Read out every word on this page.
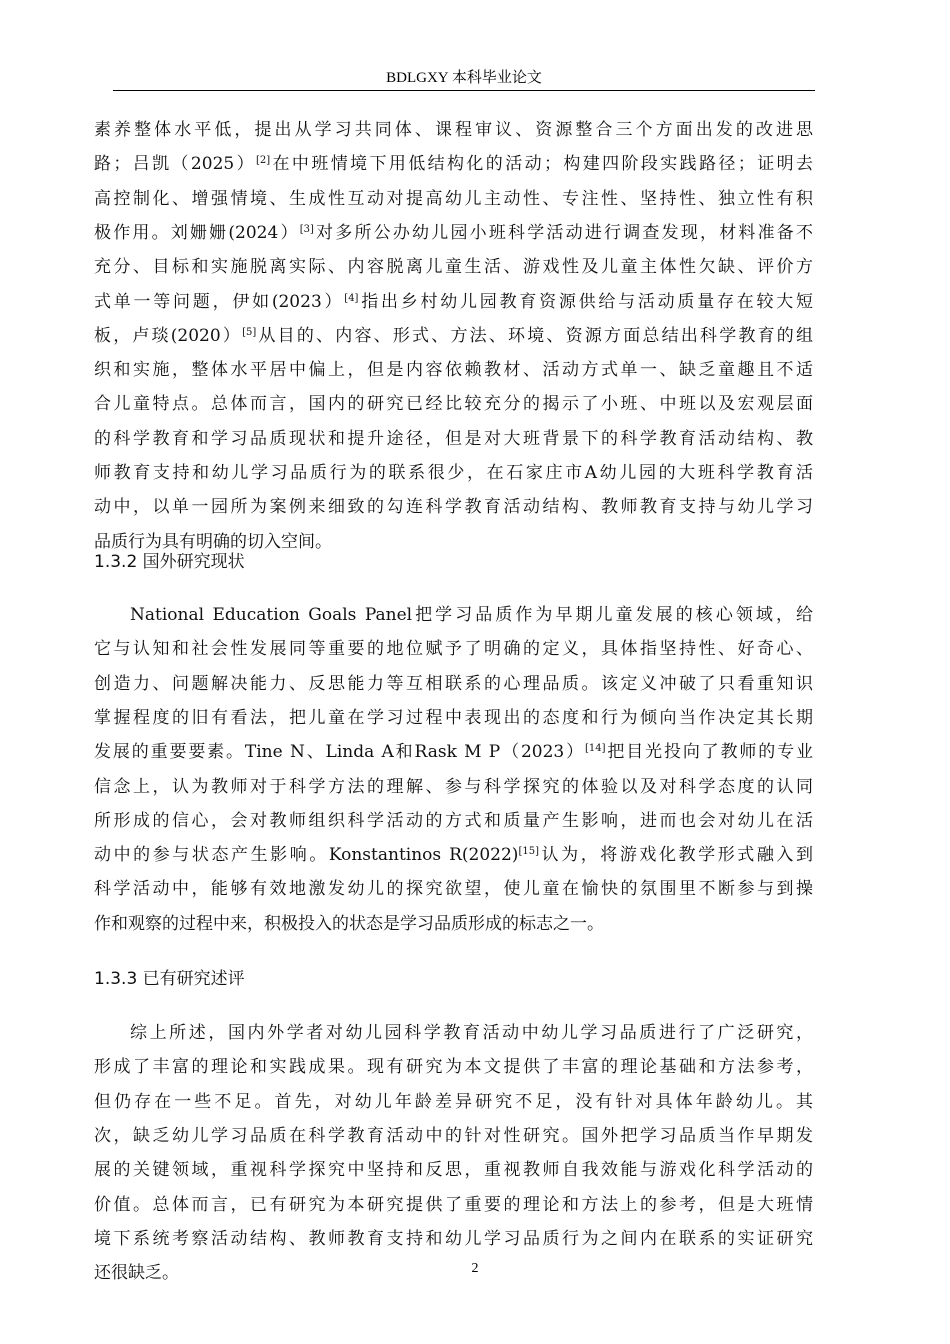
BDLGXY 本科毕业论文
素养整体水平低，提出从学习共同体、课程审议、资源整合三个方面出发的改进思
路；吕凯（2025）[2]在中班情境下用低结构化的活动；构建四阶段实践路径；证明去
高控制化、增强情境、生成性互动对提高幼儿主动性、专注性、坚持性、独立性有积
极作用。刘姗姗(2024）[3]对多所公办幼儿园小班科学活动进行调查发现，材料准备不
充分、目标和实施脱离实际、内容脱离儿童生活、游戏性及儿童主体性欠缺、评价方
式单一等问题，伊如(2023）[4]指出乡村幼儿园教育资源供给与活动质量存在较大短
板，卢琰(2020）[5]从目的、内容、形式、方法、环境、资源方面总结出科学教育的组
织和实施，整体水平居中偏上，但是内容依赖教材、活动方式单一、缺乏童趣且不适
合儿童特点。总体而言，国内的研究已经比较充分的揭示了小班、中班以及宏观层面
的科学教育和学习品质现状和提升途径，但是对大班背景下的科学教育活动结构、教
师教育支持和幼儿学习品质行为的联系很少，在石家庄市A幼儿园的大班科学教育活
动中，以单一园所为案例来细致的勾连科学教育活动结构、教师教育支持与幼儿学习
品质行为具有明确的切入空间。
1.3.2 国外研究现状
National Education Goals Panel把学习品质作为早期儿童发展的核心领域，给
它与认知和社会性发展同等重要的地位赋予了明确的定义，具体指坚持性、好奇心、
创造力、问题解决能力、反思能力等互相联系的心理品质。该定义冲破了只看重知识
掌握程度的旧有看法，把儿童在学习过程中表现出的态度和行为倾向当作决定其长期
发展的重要要素。Tine N、Linda A和Rask M P（2023）[14]把目光投向了教师的专业
信念上，认为教师对于科学方法的理解、参与科学探究的体验以及对科学态度的认同
所形成的信心，会对教师组织科学活动的方式和质量产生影响，进而也会对幼儿在活
动中的参与状态产生影响。Konstantinos R(2022)[15]认为，将游戏化教学形式融入到
科学活动中，能够有效地激发幼儿的探究欲望，使儿童在愉快的氛围里不断参与到操
作和观察的过程中来，积极投入的状态是学习品质形成的标志之一。
1.3.3 已有研究述评
综上所述，国内外学者对幼儿园科学教育活动中幼儿学习品质进行了广泛研究，
形成了丰富的理论和实践成果。现有研究为本文提供了丰富的理论基础和方法参考，
但仍存在一些不足。首先，对幼儿年龄差异研究不足，没有针对具体年龄幼儿。其
次，缺乏幼儿学习品质在科学教育活动中的针对性研究。国外把学习品质当作早期发
展的关键领域，重视科学探究中坚持和反思，重视教师自我效能与游戏化科学活动的
价值。总体而言，已有研究为本研究提供了重要的理论和方法上的参考，但是大班情
境下系统考察活动结构、教师教育支持和幼儿学习品质行为之间内在联系的实证研究
还很缺乏。	2
